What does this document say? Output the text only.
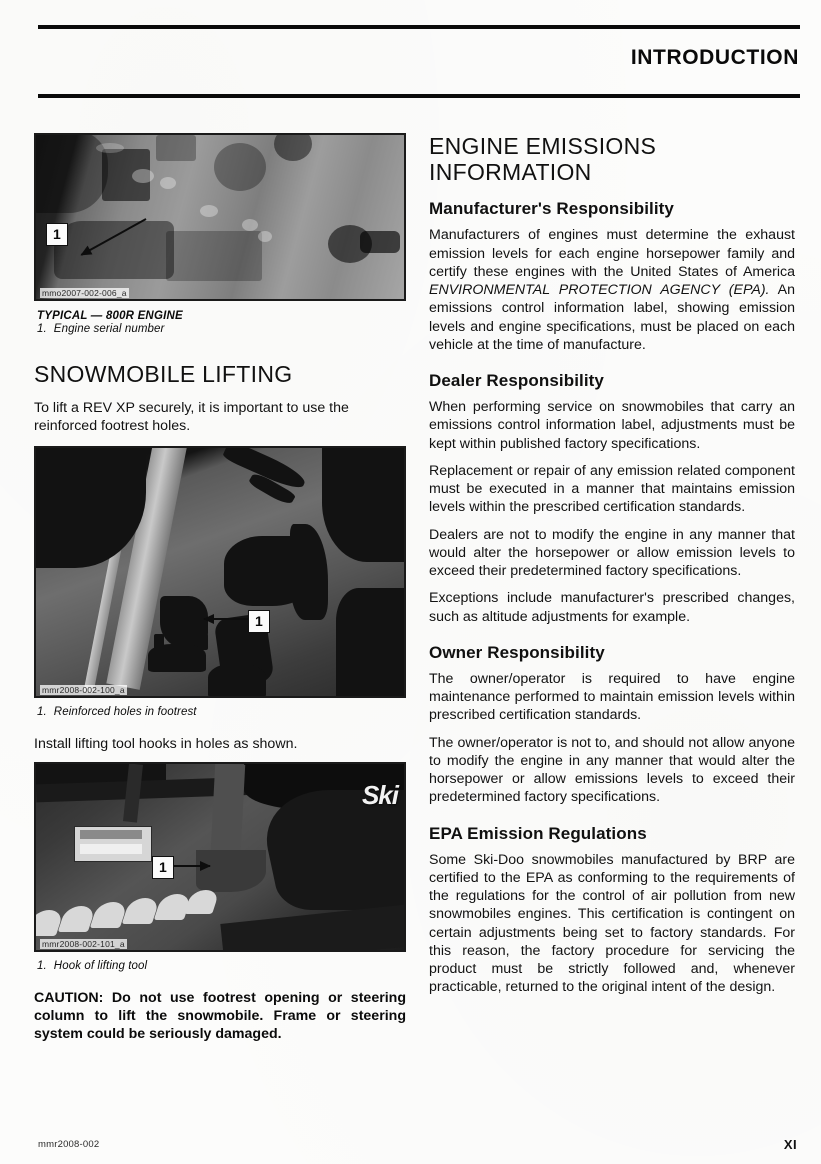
INTRODUCTION
1
mmo2007-002-006_a
TYPICAL — 800R ENGINE
1. Engine serial number
SNOWMOBILE LIFTING

To lift a REV XP securely, it is important to use the reinforced footrest holes.

1
mmr2008-002-100_a
1. Reinforced holes in footrest

Install lifting tool hooks in holes as shown.

Ski
1
mmr2008-002-101_a
1. Hook of lifting tool

CAUTION: Do not use footrest opening or steering column to lift the snowmobile. Frame or steering system could be seriously damaged.

ENGINE EMISSIONS INFORMATION
Manufacturer's Responsibility

Manufacturers of engines must determine the exhaust emission levels for each engine horsepower family and certify these engines with the United States of America ENVIRONMENTAL PROTECTION AGENCY (EPA). An emissions control information label, showing emission levels and engine specifications, must be placed on each vehicle at the time of manufacture.

Dealer Responsibility

When performing service on snowmobiles that carry an emissions control information label, adjustments must be kept within published factory specifications.

Replacement or repair of any emission related component must be executed in a manner that maintains emission levels within the prescribed certification standards.

Dealers are not to modify the engine in any manner that would alter the horsepower or allow emission levels to exceed their predetermined factory specifications.

Exceptions include manufacturer's prescribed changes, such as altitude adjustments for example.

Owner Responsibility

The owner/operator is required to have engine maintenance performed to maintain emission levels within prescribed certification standards.

The owner/operator is not to, and should not allow anyone to modify the engine in any manner that would alter the horsepower or allow emissions levels to exceed their predetermined factory specifications.

EPA Emission Regulations

Some Ski-Doo snowmobiles manufactured by BRP are certified to the EPA as conforming to the requirements of the regulations for the control of air pollution from new snowmobiles engines. This certification is contingent on certain adjustments being set to factory standards. For this reason, the factory procedure for servicing the product must be strictly followed and, whenever practicable, returned to the original intent of the design.

mmr2008-002	XI
